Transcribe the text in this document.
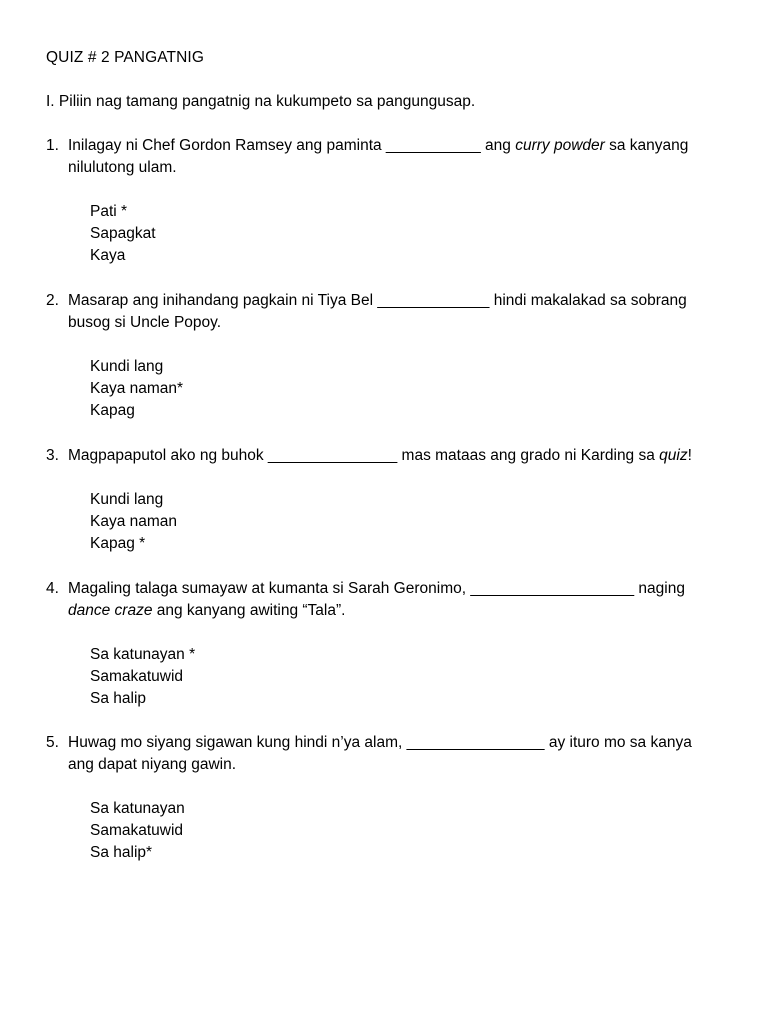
QUIZ # 2 PANGATNIG
I. Piliin nag tamang pangatnig na kukumpeto sa pangungusap.
1. Inilagay ni Chef Gordon Ramsey ang paminta ___________ ang curry powder sa kanyang
nilulutong ulam.
Pati *
Sapagkat
Kaya
2. Masarap ang inihandang pagkain ni Tiya Bel _____________ hindi makalakad sa sobrang
busog si Uncle Popoy.
Kundi lang
Kaya naman*
Kapag
3. Magpapaputol ako ng buhok _______________ mas mataas ang grado ni Karding sa quiz!
Kundi lang
Kaya naman
Kapag *
4. Magaling talaga sumayaw at kumanta si Sarah Geronimo, ___________________ naging
dance craze ang kanyang awiting “Tala”.
Sa katunayan *
Samakatuwid
Sa halip
5. Huwag mo siyang sigawan kung hindi n’ya alam, ________________ ay ituro mo sa kanya
ang dapat niyang gawin.
Sa katunayan
Samakatuwid
Sa halip*
